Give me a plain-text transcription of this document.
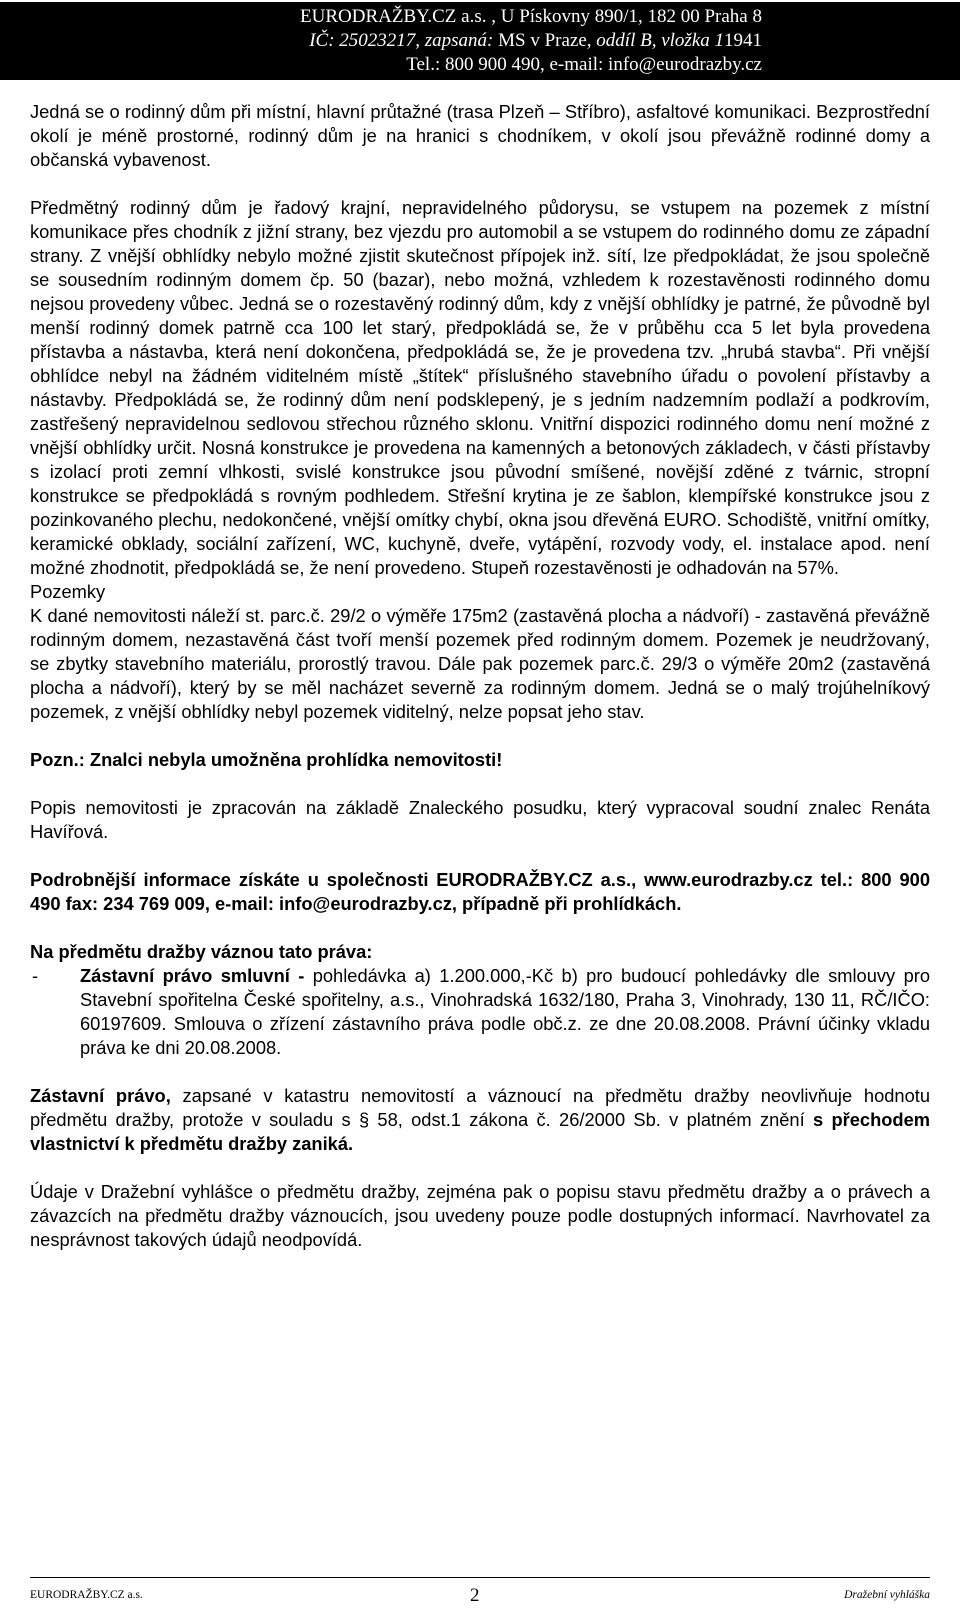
EURODRAŽBY.CZ a.s. , U Pískovny 890/1, 182 00 Praha 8
IČ: 25023217, zapsaná: MS v Praze, oddíl B, vložka 11941
Tel.: 800 900 490, e-mail: info@eurodrazby.cz

Jedná se o rodinný dům při místní, hlavní průtažné (trasa Plzeň – Stříbro), asfaltové komunikaci. Bezprostřední okolí je méně prostorné, rodinný dům je na hranici s chodníkem, v okolí jsou převážně rodinné domy a občanská vybavenost.

Předmětný rodinný dům je řadový krajní, nepravidelného půdorysu, se vstupem na pozemek z místní komunikace přes chodník z jižní strany, bez vjezdu pro automobil a se vstupem do rodinného domu ze západní strany. Z vnější obhlídky nebylo možné zjistit skutečnost přípojek inž. sítí, lze předpokládat, že jsou společně se sousedním rodinným domem čp. 50 (bazar), nebo možná, vzhledem k rozestavěnosti rodinného domu nejsou provedeny vůbec. Jedná se o rozestavěný rodinný dům, kdy z vnější obhlídky je patrné, že původně byl menší rodinný domek patrně cca 100 let starý, předpokládá se, že v průběhu cca 5 let byla provedena přístavba a nástavba, která není dokončena, předpokládá se, že je provedena tzv. „hrubá stavba“. Při vnější obhlídce nebyl na žádném viditelném místě „štítek“ příslušného stavebního úřadu o povolení přístavby a nástavby. Předpokládá se, že rodinný dům není podsklepený, je s jedním nadzemním podlaží a podkrovím, zastřešený nepravidelnou sedlovou střechou různého sklonu. Vnitřní dispozici rodinného domu není možné z vnější obhlídky určit. Nosná konstrukce je provedena na kamenných a betonových základech, v části přístavby s izolací proti zemní vlhkosti, svislé konstrukce jsou původní smíšené, novější zděné z tvárnic, stropní konstrukce se předpokládá s rovným podhledem. Střešní krytina je ze šablon, klempířské konstrukce jsou z pozinkovaného plechu, nedokončené, vnější omítky chybí, okna jsou dřevěná EURO. Schodiště, vnitřní omítky, keramické obklady, sociální zařízení, WC, kuchyně, dveře, vytápění, rozvody vody, el. instalace apod. není možné zhodnotit, předpokládá se, že není provedeno. Stupeň rozestavěnosti je odhadován na 57%.

Pozemky

K dané nemovitosti náleží st. parc.č. 29/2 o výměře 175m2 (zastavěná plocha a nádvoří) - zastavěná převážně rodinným domem, nezastavěná část tvoří menší pozemek před rodinným domem. Pozemek je neudržovaný, se zbytky stavebního materiálu, prorostlý travou. Dále pak pozemek parc.č. 29/3 o výměře 20m2 (zastavěná plocha a nádvoří), který by se měl nacházet severně za rodinným domem. Jedná se o malý trojúhelníkový pozemek, z vnější obhlídky nebyl pozemek viditelný, nelze popsat jeho stav.

Pozn.: Znalci nebyla umožněna prohlídka nemovitosti!

Popis nemovitosti je zpracován na základě Znaleckého posudku, který vypracoval soudní znalec Renáta Havířová.

Podrobnější informace získáte u společnosti EURODRAŽBY.CZ a.s., www.eurodrazby.cz tel.: 800 900 490 fax: 234 769 009, e-mail: info@eurodrazby.cz, případně při prohlídkách.

Na předmětu dražby váznou tato práva:

-	Zástavní právo smluvní - pohledávka a) 1.200.000,-Kč b) pro budoucí pohledávky dle smlouvy pro Stavební spořitelna České spořitelny, a.s., Vinohradská 1632/180, Praha 3, Vinohrady, 130 11, RČ/IČO: 60197609. Smlouva o zřízení zástavního práva podle obč.z. ze dne 20.08.2008. Právní účinky vkladu práva ke dni 20.08.2008.

Zástavní právo, zapsané v katastru nemovitostí a váznoucí na předmětu dražby neovlivňuje hodnotu předmětu dražby, protože v souladu s § 58, odst.1 zákona č. 26/2000 Sb. v platném znění s přechodem vlastnictví k předmětu dražby zaniká.

Údaje v Dražební vyhlášce o předmětu dražby, zejména pak o popisu stavu předmětu dražby a o právech a závazcích na předmětu dražby váznoucích, jsou uvedeny pouze podle dostupných informací. Navrhovatel za nesprávnost takových údajů neodpovídá.

EURODRAŽBY.CZ a.s.	2	Dražební vyhláška
